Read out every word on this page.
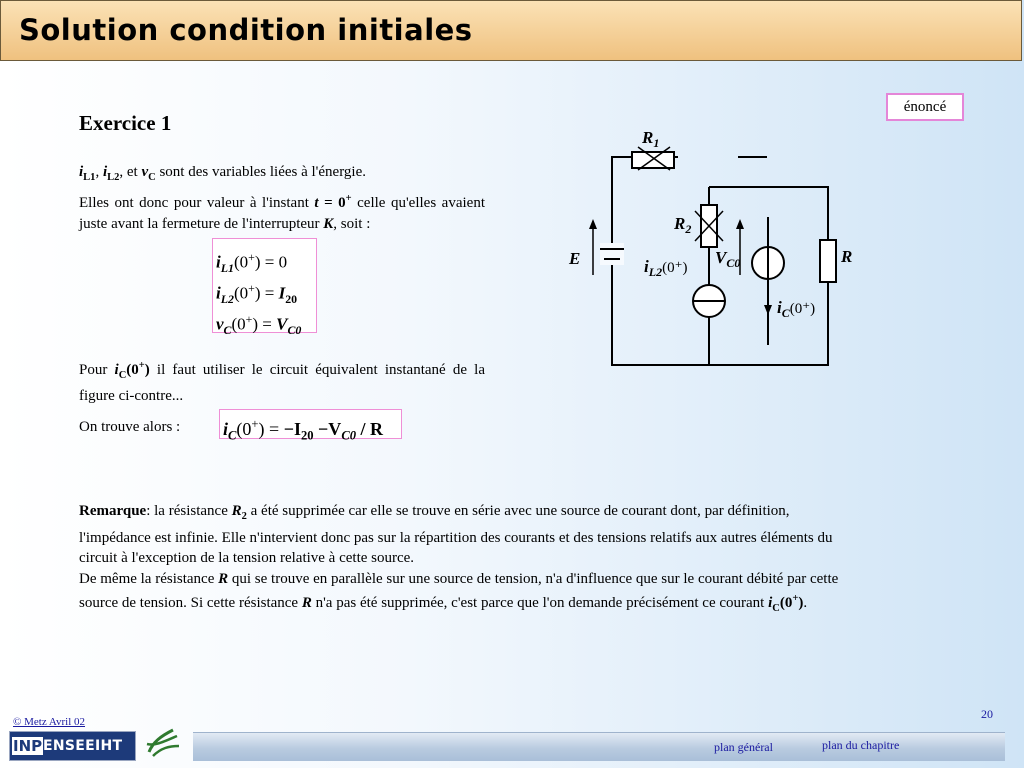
Solution condition initiales
énoncé
Exercice 1
$i_{L1}$, $i_{L2}$, et $v_C$ sont des variables liées à l'énergie.
Elles ont donc pour valeur à l'instant t = 0+ celle qu'elles avaient juste avant la fermeture de l'interrupteur K, soit :
$i_{L1}(0^+) = 0$
$i_{L2}(0^+) = I_{20}$
$v_C(0^+) = V_{C0}$
Pour $i_C(0^+)$ il faut utiliser le circuit équivalent instantané de la figure ci-contre...
On trouve alors : $i_C(0^+) = -I_{20} -V_{C0} / R$
Remarque: la résistance $R_2$ a été supprimée car elle se trouve en série avec une source de courant dont, par définition, l'impédance est infinie. Elle n'intervient donc pas sur la répartition des courants et des tensions relatifs aux autres éléments du circuit à l'exception de la tension relative à cette source.
De même la résistance R qui se trouve en parallèle sur une source de tension, n'a d'influence que sur le courant débité par cette source de tension. Si cette résistance R n'a pas été supprimée, c'est parce que l'on demande précisément ce courant $i_C(0^+)$.
$R_1$
$R_2$
E	R
$V_{C0}$
$i_{L2}(0^+)$
$i_C(0^+)$
20
© Metz Avril 02
INP ENSEEIHT	plan général	plan du chapitre
